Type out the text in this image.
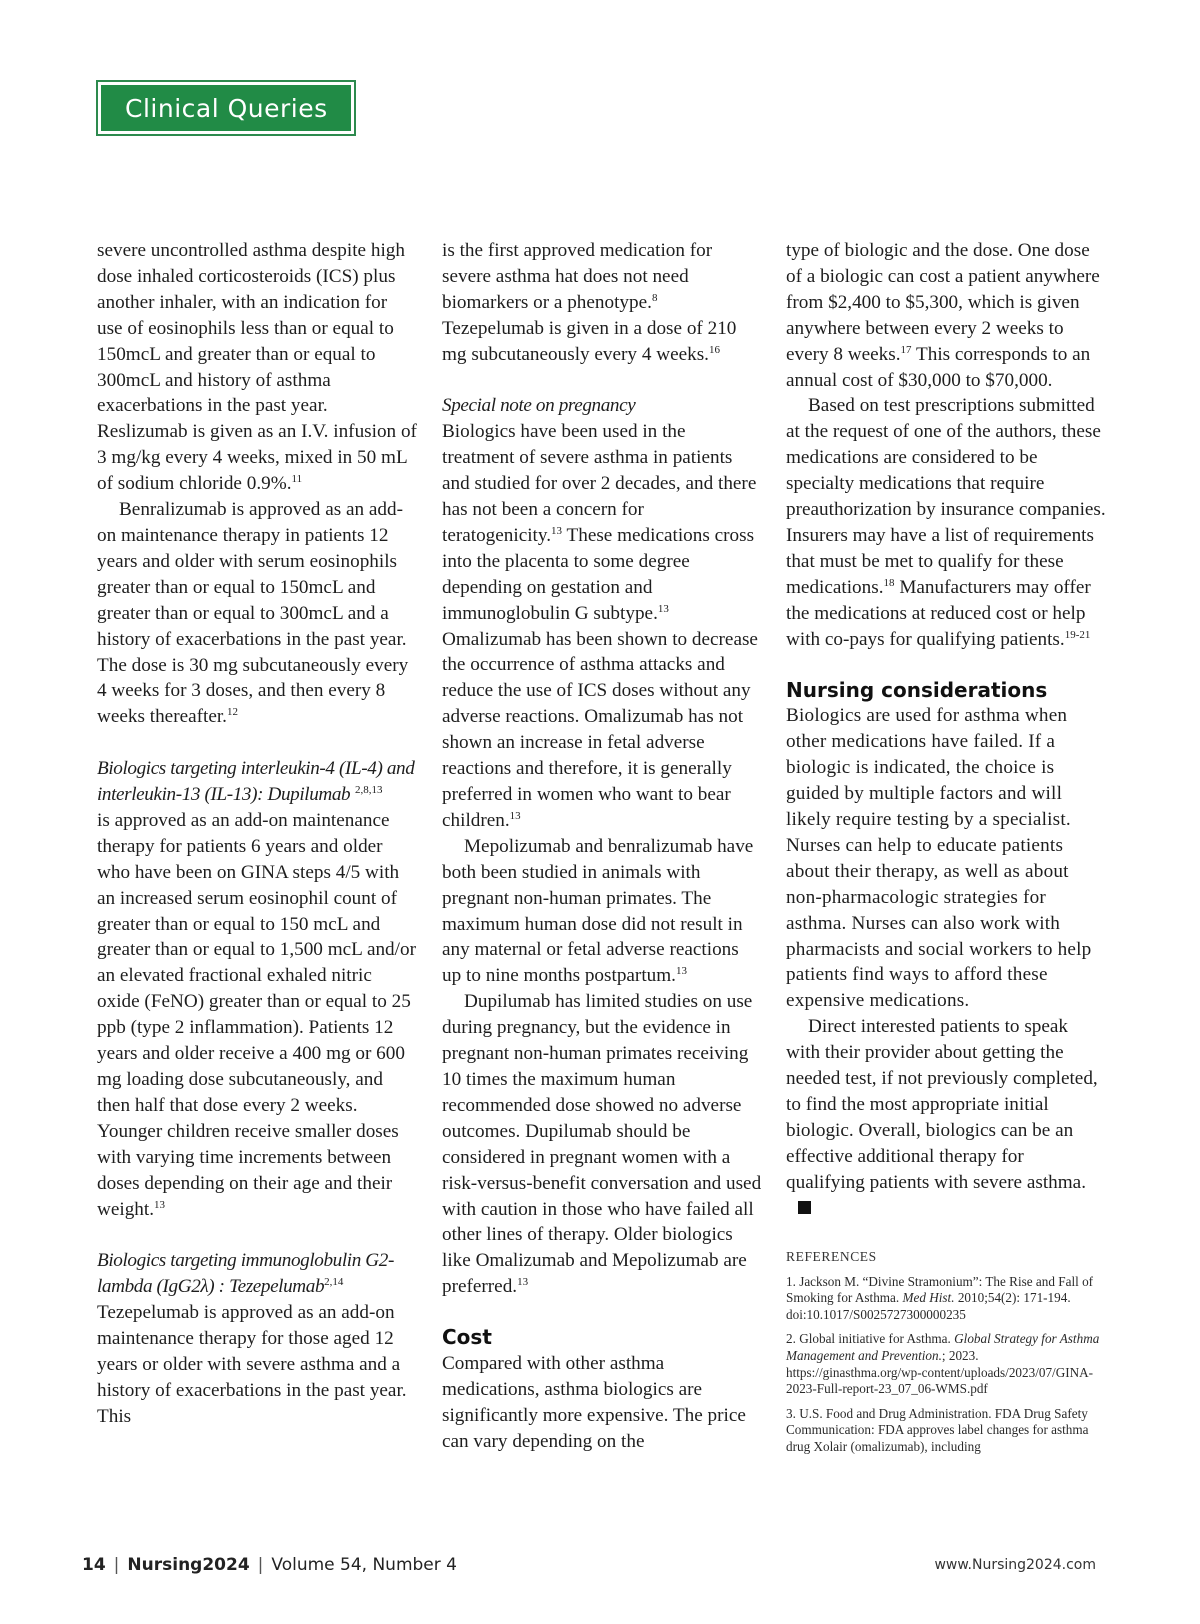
Clinical Queries

severe uncontrolled asthma despite high dose inhaled corticosteroids (ICS) plus another inhaler, with an indication for use of eosinophils less than or equal to 150mcL and greater than or equal to 300mcL and history of asthma exacerbations in the past year. Reslizumab is given as an I.V. infusion of 3 mg/kg every 4 weeks, mixed in 50 mL of sodium chloride 0.9%.$^{11}$

Benralizumab is approved as an add-on maintenance therapy in patients 12 years and older with serum eosinophils greater than or equal to 150mcL and greater than or equal to 300mcL and a history of exacerbations in the past year. The dose is 30 mg subcutaneously every 4 weeks for 3 doses, and then every 8 weeks thereafter.$^{12}$

Biologics targeting interleukin-4 (IL-4) and interleukin-13 (IL-13): Dupilumab $^{2,8,13}$
is approved as an add-on maintenance therapy for patients 6 years and older who have been on GINA steps 4/5 with an increased serum eosinophil count of greater than or equal to 150 mcL and greater than or equal to 1,500 mcL and/or an elevated fractional exhaled nitric oxide (FeNO) greater than or equal to 25 ppb (type 2 inflammation). Patients 12 years and older receive a 400 mg or 600 mg loading dose subcutaneously, and then half that dose every 2 weeks. Younger children receive smaller doses with varying time increments between doses depending on their age and their weight.$^{13}$

Biologics targeting immunoglobulin G2-lambda (IgG2λ) : Tezepelumab$^{2,14}$
Tezepelumab is approved as an add-on maintenance therapy for those aged 12 years or older with severe asthma and a history of exacerbations in the past year. This

is the first approved medication for severe asthma hat does not need biomarkers or a phenotype.$^8$ Tezepelumab is given in a dose of 210 mg subcutaneously every 4 weeks.$^{16}$

Special note on pregnancy

Biologics have been used in the treatment of severe asthma in patients and studied for over 2 decades, and there has not been a concern for teratogenicity.$^{13}$ These medications cross into the placenta to some degree depending on gestation and immunoglobulin G subtype.$^{13}$ Omalizumab has been shown to decrease the occurrence of asthma attacks and reduce the use of ICS doses without any adverse reactions. Omalizumab has not shown an increase in fetal adverse reactions and therefore, it is generally preferred in women who want to bear children.$^{13}$

Mepolizumab and benralizumab have both been studied in animals with pregnant non-human primates. The maximum human dose did not result in any maternal or fetal adverse reactions up to nine months postpartum.$^{13}$

Dupilumab has limited studies on use during pregnancy, but the evidence in pregnant non-human primates receiving 10 times the maximum human recommended dose showed no adverse outcomes. Dupilumab should be considered in pregnant women with a risk-versus-benefit conversation and used with caution in those who have failed all other lines of therapy. Older biologics like Omalizumab and Mepolizumab are preferred.$^{13}$

Cost

Compared with other asthma medications, asthma biologics are significantly more expensive. The price can vary depending on the

type of biologic and the dose. One dose of a biologic can cost a patient anywhere from $2,400 to $5,300, which is given anywhere between every 2 weeks to every 8 weeks.$^{17}$ This corresponds to an annual cost of $30,000 to $70,000.

Based on test prescriptions submitted at the request of one of the authors, these medications are considered to be specialty medications that require preauthorization by insurance companies. Insurers may have a list of requirements that must be met to qualify for these medications.$^{18}$ Manufacturers may offer the medications at reduced cost or help with co-pays for qualifying patients.$^{19-21}$

Nursing considerations

Biologics are used for asthma when other medications have failed. If a biologic is indicated, the choice is guided by multiple factors and will likely require testing by a specialist. Nurses can help to educate patients about their therapy, as well as about non-pharmacologic strategies for asthma. Nurses can also work with pharmacists and social workers to help patients find ways to afford these expensive medications.

Direct interested patients to speak with their provider about getting the needed test, if not previously completed, to find the most appropriate initial biologic. Overall, biologics can be an effective additional therapy for qualifying patients with severe asthma.

REFERENCES

1. Jackson M. “Divine Stramonium”: The Rise and Fall of Smoking for Asthma. Med Hist. 2010;54(2): 171-194. doi:10.1017/S0025727300000235

2. Global initiative for Asthma. Global Strategy for Asthma Management and Prevention.; 2023. https://ginasthma.org/wp-content/uploads/2023/07/GINA-2023-Full-report-23_07_06-WMS.pdf

3. U.S. Food and Drug Administration. FDA Drug Safety Communication: FDA approves label changes for asthma drug Xolair (omalizumab), including

14 | Nursing2024 | Volume 54, Number 4	www.Nursing2024.com
